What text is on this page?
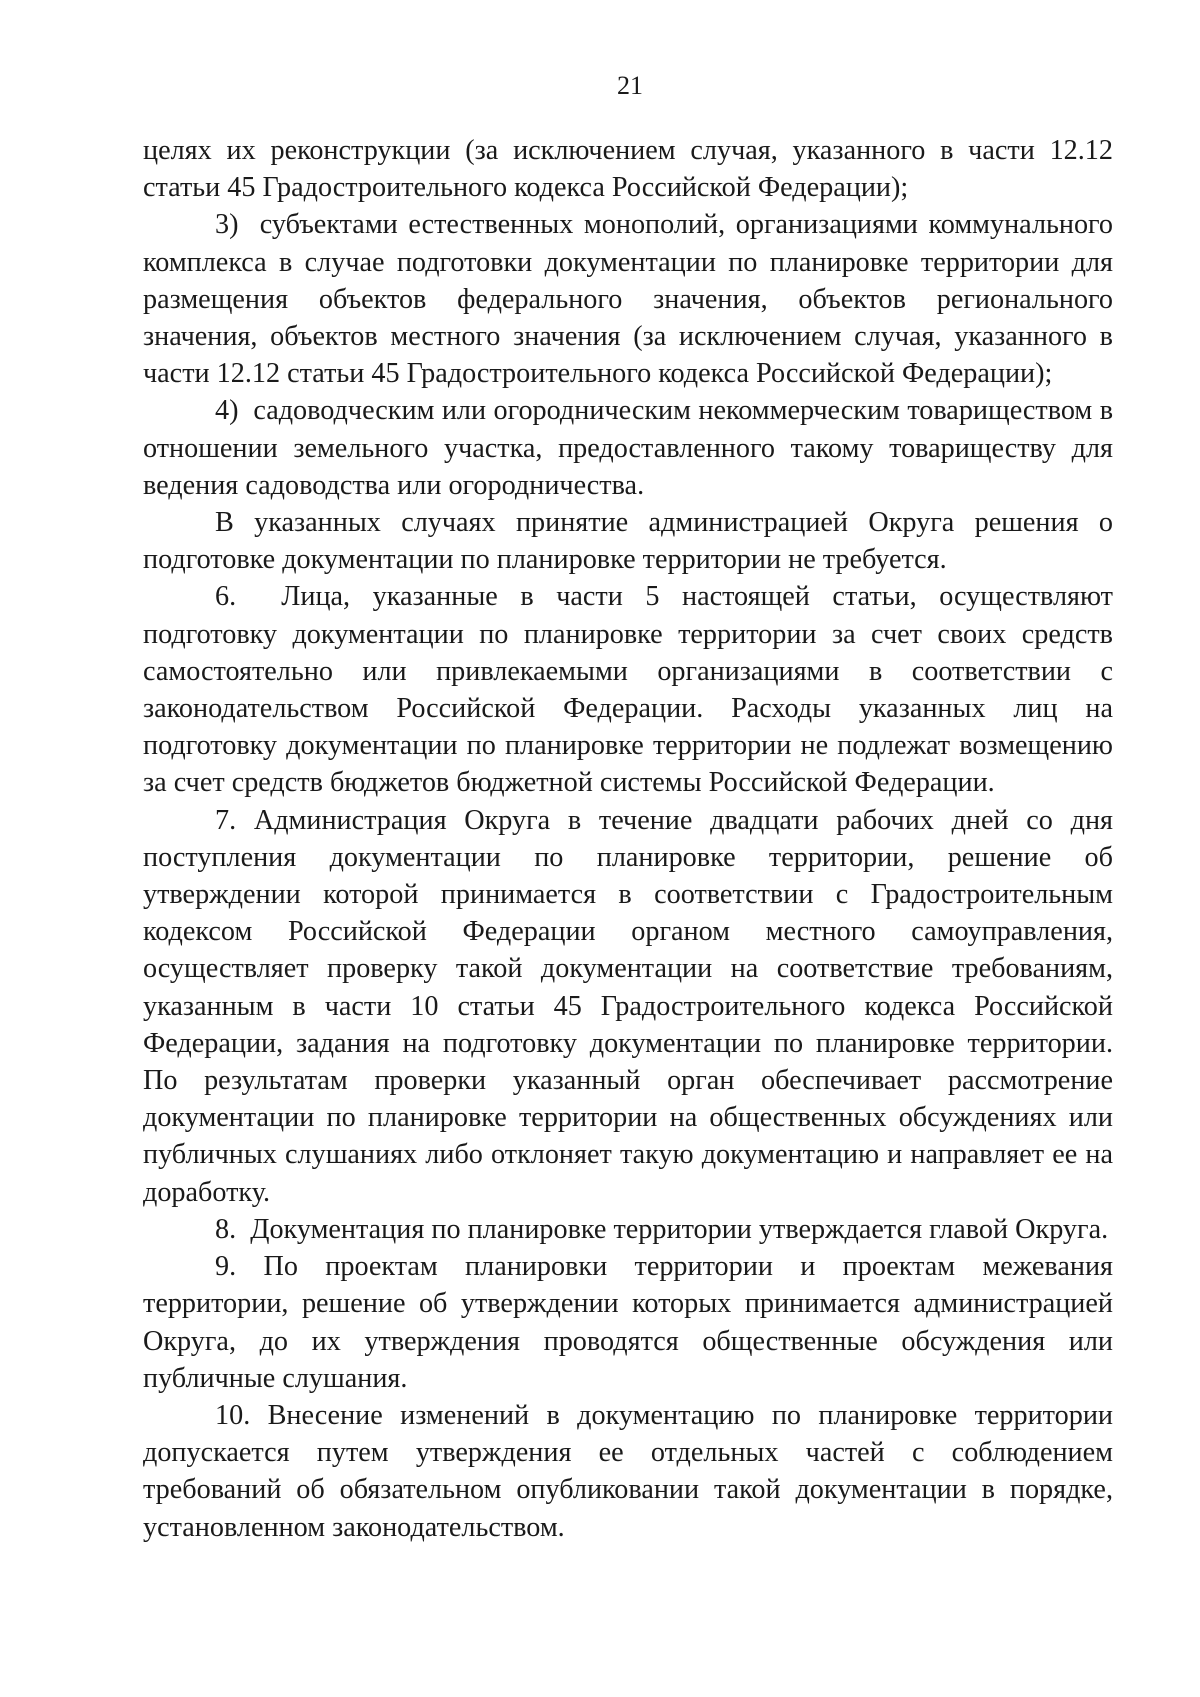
21

целях их реконструкции (за исключением случая, указанного в части 12.12 статьи 45 Градостроительного кодекса Российской Федерации);

3)  субъектами естественных монополий, организациями коммунального комплекса в случае подготовки документации по планировке территории для размещения объектов федерального значения, объектов регионального значения, объектов местного значения (за исключением случая, указанного в части 12.12 статьи 45 Градостроительного кодекса Российской Федерации);

4)  садоводческим или огородническим некоммерческим товариществом в отношении земельного участка, предоставленного такому товариществу для ведения садоводства или огородничества.

В указанных случаях принятие администрацией Округа решения о подготовке документации по планировке территории не требуется.

6.  Лица, указанные в части 5 настоящей статьи, осуществляют подготовку документации по планировке территории за счет своих средств самостоятельно или привлекаемыми организациями в соответствии с законодательством Российской Федерации. Расходы указанных лиц на подготовку документации по планировке территории не подлежат возмещению за счет средств бюджетов бюджетной системы Российской Федерации.

7. Администрация Округа в течение двадцати рабочих дней со дня поступления документации по планировке территории, решение об утверждении которой принимается в соответствии с Градостроительным кодексом Российской Федерации органом местного самоуправления, осуществляет проверку такой документации на соответствие требованиям, указанным в части 10 статьи 45 Градостроительного кодекса Российской Федерации, задания на подготовку документации по планировке территории. По результатам проверки указанный орган обеспечивает рассмотрение документации по планировке территории на общественных обсуждениях или публичных слушаниях либо отклоняет такую документацию и направляет ее на доработку.

8.  Документация по планировке территории утверждается главой Округа.

9. По проектам планировки территории и проектам межевания территории, решение об утверждении которых принимается администрацией Округа, до их утверждения проводятся общественные обсуждения или публичные слушания.

10. Внесение изменений в документацию по планировке территории допускается путем утверждения ее отдельных частей с соблюдением требований об обязательном опубликовании такой документации в порядке, установленном законодательством.
